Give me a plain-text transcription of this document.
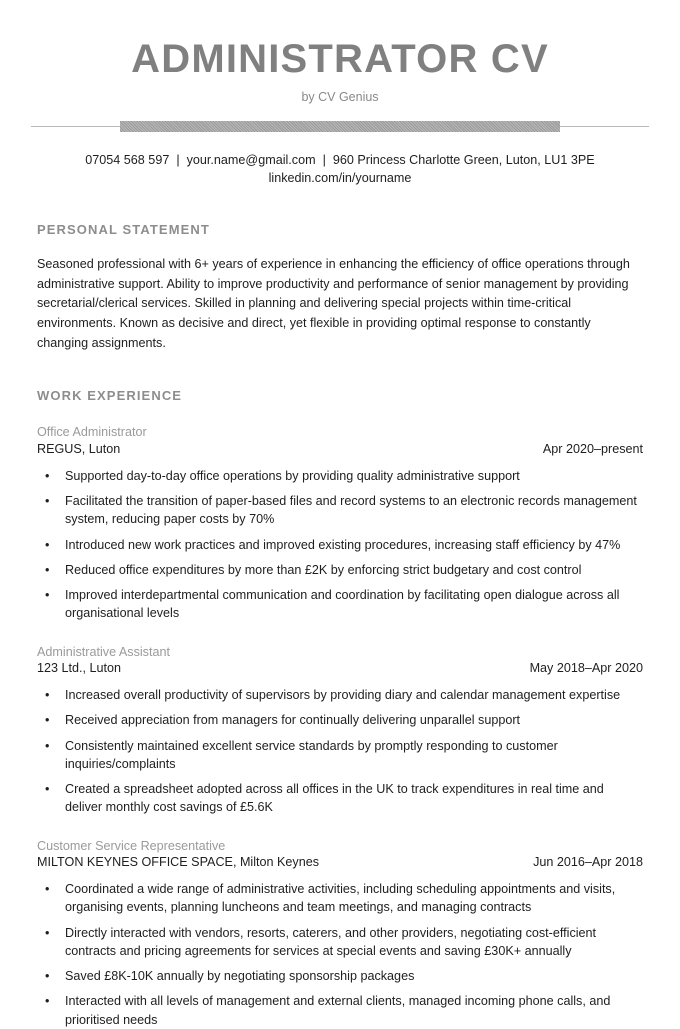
ADMINISTRATOR CV
by CV Genius
07054 568 597 | your.name@gmail.com | 960 Princess Charlotte Green, Luton, LU1 3PE
linkedin.com/in/yourname
PERSONAL STATEMENT

Seasoned professional with 6+ years of experience in enhancing the efficiency of office operations through administrative support. Ability to improve productivity and performance of senior management by providing secretarial/clerical services. Skilled in planning and delivering special projects within time-critical environments. Known as decisive and direct, yet flexible in providing optimal response to constantly changing assignments.

WORK EXPERIENCE
Office Administrator
REGUS, Luton	Apr 2020–present
• Supported day-to-day office operations by providing quality administrative support
• Facilitated the transition of paper-based files and record systems to an electronic records management system, reducing paper costs by 70%
• Introduced new work practices and improved existing procedures, increasing staff efficiency by 47%
• Reduced office expenditures by more than £2K by enforcing strict budgetary and cost control
• Improved interdepartmental communication and coordination by facilitating open dialogue across all organisational levels
Administrative Assistant
123 Ltd., Luton	May 2018–Apr 2020
• Increased overall productivity of supervisors by providing diary and calendar management expertise
• Received appreciation from managers for continually delivering unparallel support
• Consistently maintained excellent service standards by promptly responding to customer inquiries/complaints
• Created a spreadsheet adopted across all offices in the UK to track expenditures in real time and deliver monthly cost savings of £5.6K
Customer Service Representative
MILTON KEYNES OFFICE SPACE, Milton Keynes	Jun 2016–Apr 2018
• Coordinated a wide range of administrative activities, including scheduling appointments and visits, organising events, planning luncheons and team meetings, and managing contracts
• Directly interacted with vendors, resorts, caterers, and other providers, negotiating cost-efficient contracts and pricing agreements for services at special events and saving £30K+ annually
• Saved £8K-10K annually by negotiating sponsorship packages
• Interacted with all levels of management and external clients, managed incoming phone calls, and prioritised needs
